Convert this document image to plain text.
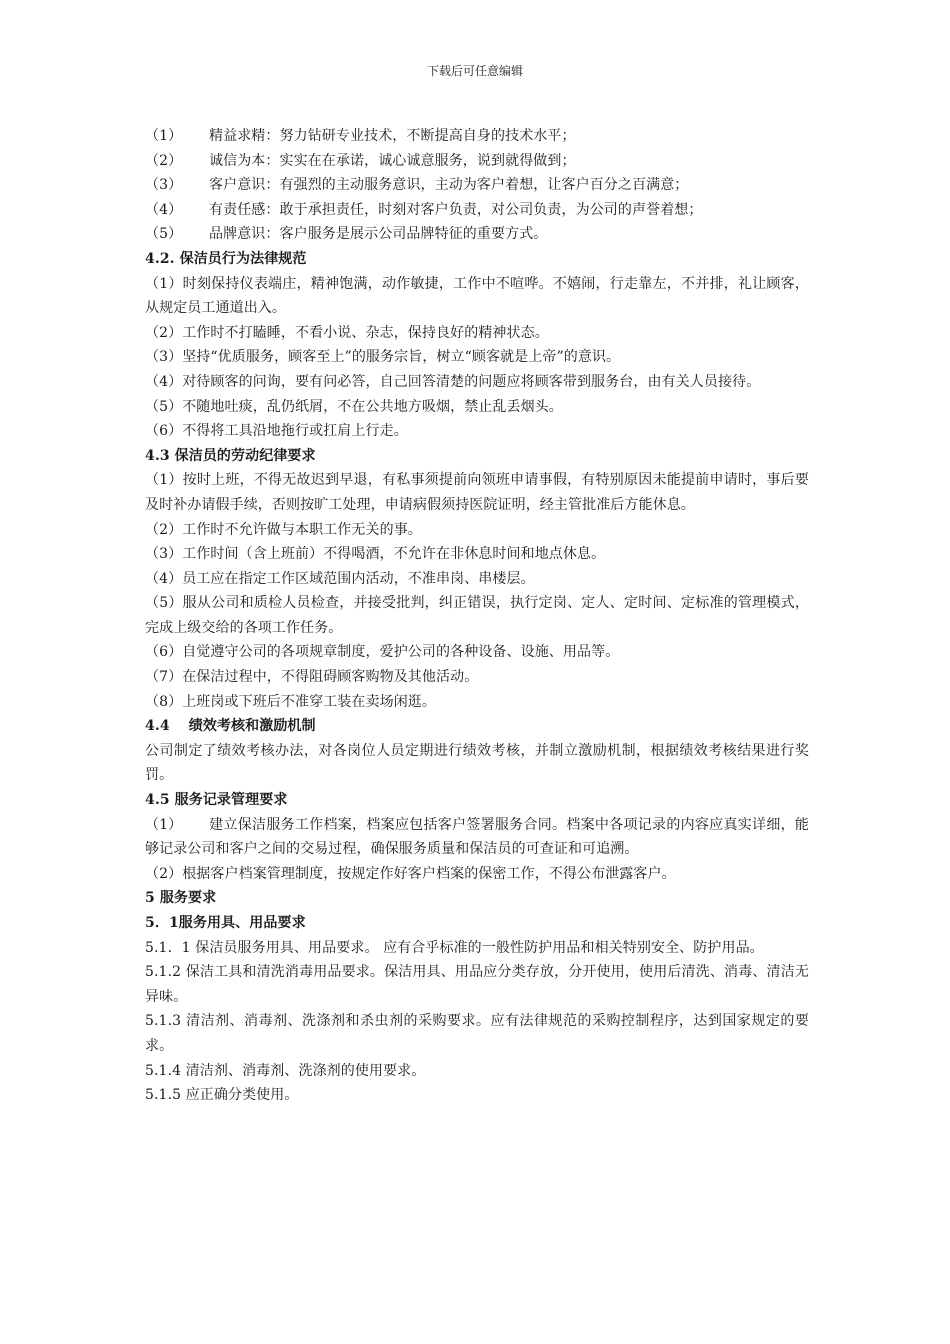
下载后可任意编辑

（1） 精益求精：努力钻研专业技术，不断提高自身的技术水平；

（2） 诚信为本：实实在在承诺，诚心诚意服务，说到就得做到；

（3） 客户意识：有强烈的主动服务意识，主动为客户着想，让客户百分之百满意；

（4） 有责任感：敢于承担责任，时刻对客户负责，对公司负责，为公司的声誉着想；

（5） 品牌意识：客户服务是展示公司品牌特征的重要方式。

4.2. 保洁员行为法律规范

（1）时刻保持仪表端庄，精神饱满，动作敏捷，工作中不喧哗。不嬉闹，行走靠左，不并排，礼让顾客，从规定员工通道出入。

（2）工作时不打瞌睡，不看小说、杂志，保持良好的精神状态。

（3）坚持“优质服务，顾客至上”的服务宗旨，树立“顾客就是上帝”的意识。

（4）对待顾客的问询，要有问必答，自己回答清楚的问题应将顾客带到服务台，由有关人员接待。

（5）不随地吐痰，乱仍纸屑，不在公共地方吸烟，禁止乱丢烟头。

（6）不得将工具沿地拖行或扛肩上行走。

4.3 保洁员的劳动纪律要求

（1）按时上班，不得无故迟到早退，有私事须提前向领班申请事假，有特别原因未能提前申请时，事后要及时补办请假手续，否则按旷工处理，申请病假须持医院证明，经主管批准后方能休息。

（2）工作时不允许做与本职工作无关的事。

（3）工作时间（含上班前）不得喝酒，不允许在非休息时间和地点休息。

（4）员工应在指定工作区域范围内活动，不准串岗、串楼层。

（5）服从公司和质检人员检查，并接受批判，纠正错误，执行定岗、定人、定时间、定标准的管理模式，完成上级交给的各项工作任务。

（6）自觉遵守公司的各项规章制度，爱护公司的各种设备、设施、用品等。

（7）在保洁过程中，不得阻碍顾客购物及其他活动。

（8）上班岗或下班后不准穿工装在卖场闲逛。

4.4　 绩效考核和激励机制

公司制定了绩效考核办法，对各岗位人员定期进行绩效考核，并制立激励机制，根据绩效考核结果进行奖罚。

4.5 服务记录管理要求

（1） 建立保洁服务工作档案，档案应包括客户签署服务合同。档案中各项记录的内容应真实详细，能够记录公司和客户之间的交易过程，确保服务质量和保洁员的可查证和可追溯。

（2）根据客户档案管理制度，按规定作好客户档案的保密工作，不得公布泄露客户。

5 服务要求

5．1服务用具、用品要求

5.1．1 保洁员服务用具、用品要求。 应有合乎标准的一般性防护用品和相关特别安全、防护用品。

5.1.2 保洁工具和清洗消毒用品要求。保洁用具、用品应分类存放，分开使用，使用后清洗、消毒、清洁无异味。

5.1.3 清洁剂、消毒剂、洗涤剂和杀虫剂的采购要求。应有法律规范的采购控制程序，达到国家规定的要求。

5.1.4 清洁剂、消毒剂、洗涤剂的使用要求。

5.1.5 应正确分类使用。
